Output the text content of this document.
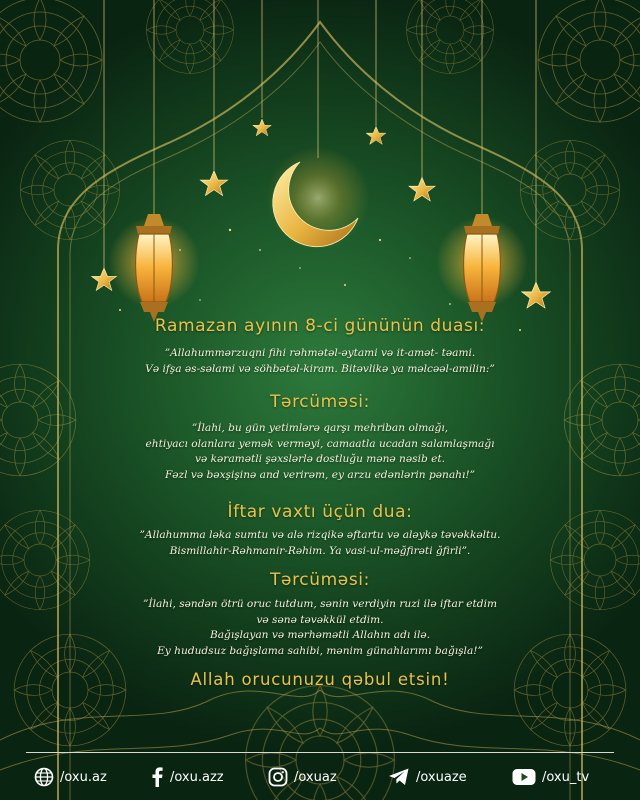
Ramazan ayının 8-ci gününün duası:
”Allahummərzuqni fihi rəhmətəl-əytami və it-amət- təami.
Və ifşa əs-səlami və söhbətəl-kiram. Bitəvlikə ya məlcəəl-amilin:”
Tərcüməsi:
”İlahi, bu gün yetimlərə qarşı mehriban olmağı,
ehtiyacı olanlara yemək verməyi, camaatla ucadan salamlaşmağı
və kəramətli şəxslərlə dostluğu mənə nəsib et.
Fəzl və bəxşişinə and verirəm, ey arzu edənlərin pənahı!”
İftar vaxtı üçün dua:
”Allahumma ləka sumtu və alə rizqikə əftartu və aləykə təvəkkəltu.
Bismillahir-Rəhmanir-Rəhim. Ya vasi-ul-məğfirəti ğfirli”.
Tərcüməsi:
”İlahi, səndən ötrü oruc tutdum, sənin verdiyin ruzi ilə iftar etdim
və sənə təvəkkül etdim.
Bağışlayan və mərhəmətli Allahın adı ilə.
Ey hududsuz bağışlama sahibi, mənim günahlarımı bağışla!”
Allah orucunuzu qəbul etsin!
/oxu.az	/oxu.azz	/oxuaz	/oxuaze	/oxu_tv
